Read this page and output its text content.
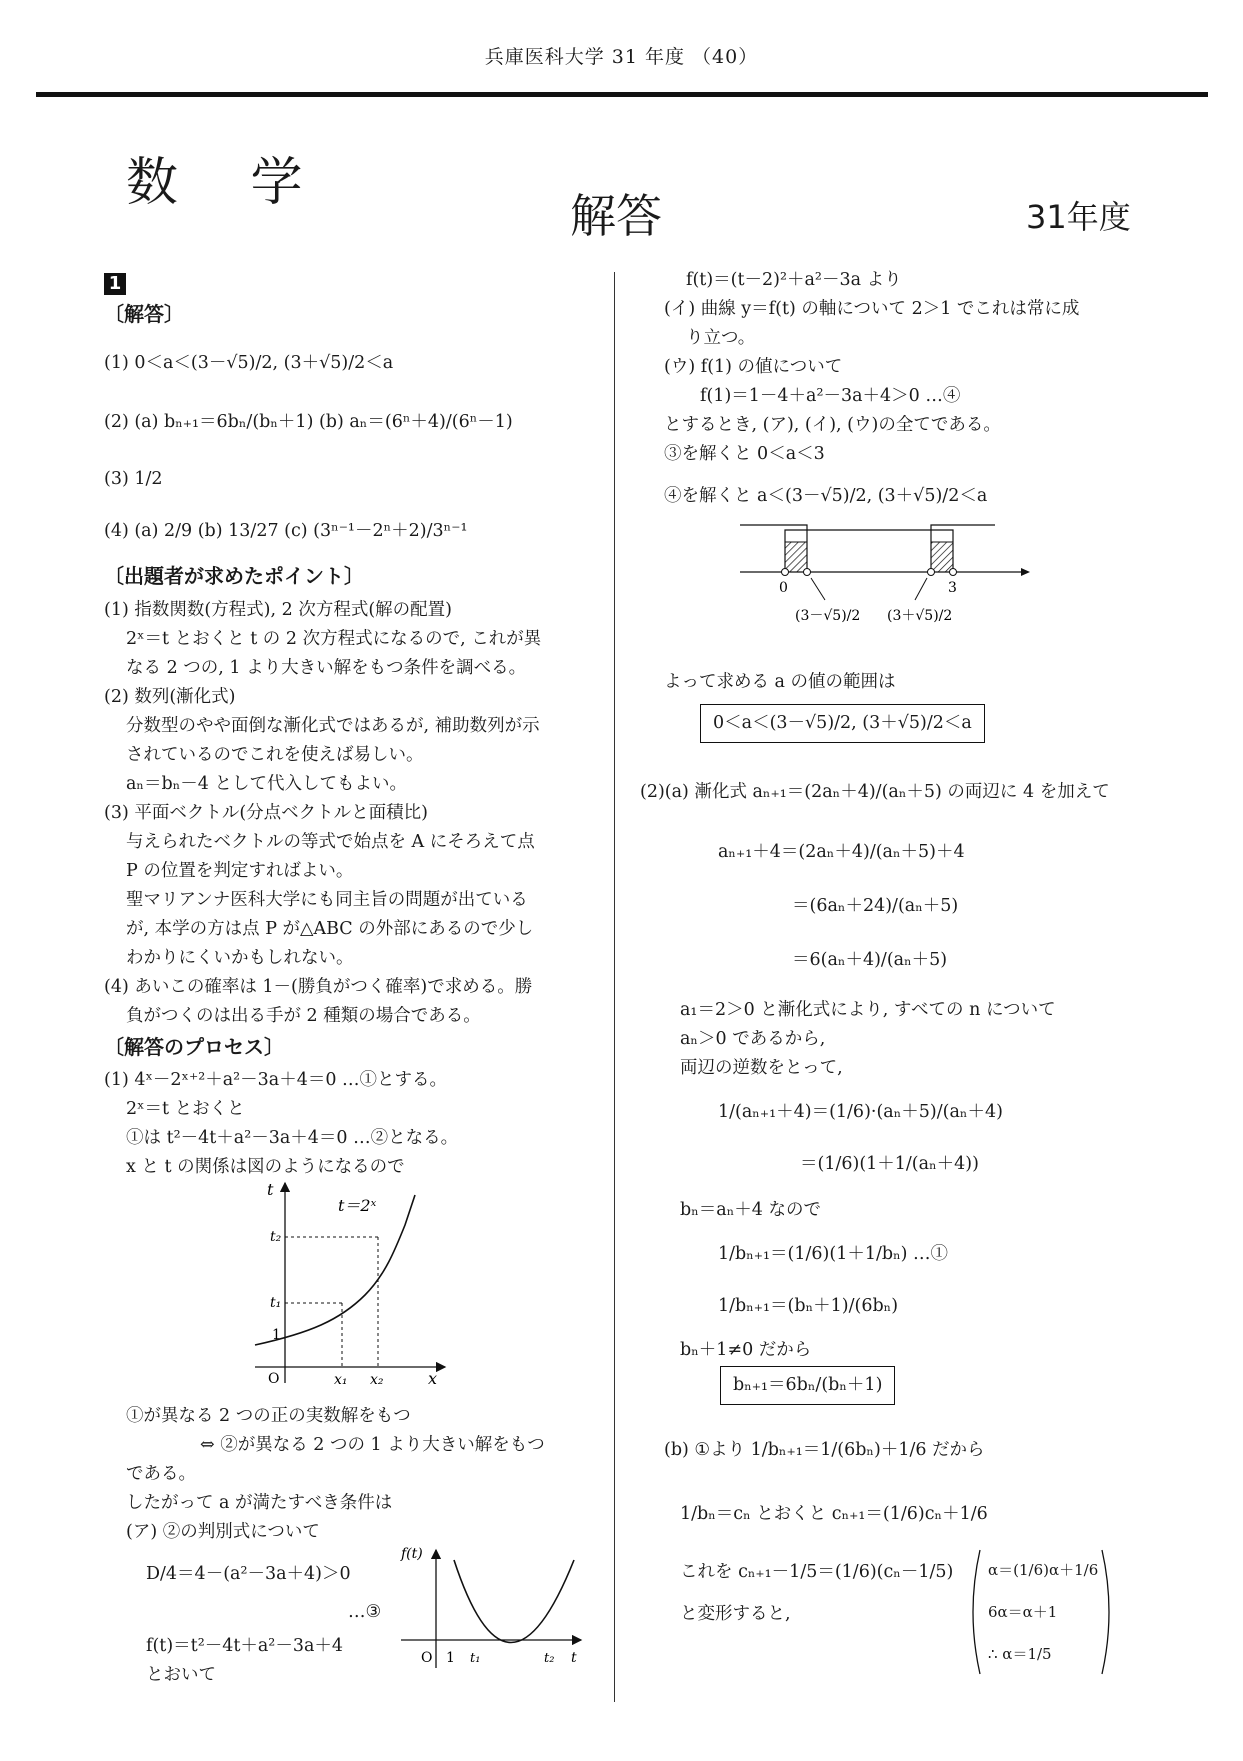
兵庫医科大学 31 年度 （40）
数 学
解答	31年度
1
〔解答〕
(1) 0＜a＜(3－√5)/2, (3＋√5)/2＜a
(2) (a) bₙ₊₁＝6bₙ/(bₙ＋1) (b) aₙ＝(6ⁿ＋4)/(6ⁿ－1)
(3) 1/2
(4) (a) 2/9 (b) 13/27 (c) (3ⁿ⁻¹－2ⁿ＋2)/3ⁿ⁻¹
〔出題者が求めたポイント〕
(1) 指数関数(方程式), 2 次方程式(解の配置)
2ˣ＝t とおくと t の 2 次方程式になるので, これが異
なる 2 つの, 1 より大きい解をもつ条件を調べる。
(2) 数列(漸化式)
分数型のやや面倒な漸化式ではあるが, 補助数列が示
されているのでこれを使えば易しい。
aₙ＝bₙ－4 として代入してもよい。
(3) 平面ベクトル(分点ベクトルと面積比)
与えられたベクトルの等式で始点を A にそろえて点
P の位置を判定すればよい。
聖マリアンナ医科大学にも同主旨の問題が出ている
が, 本学の方は点 P が△ABC の外部にあるので少し
わかりにくいかもしれない。
(4) あいこの確率は 1－(勝負がつく確率)で求める。勝
負がつくのは出る手が 2 種類の場合である。
〔解答のプロセス〕
(1) 4ˣ－2ˣ⁺²＋a²－3a＋4＝0 …①とする。
2ˣ＝t とおくと
①は t²－4t＋a²－3a＋4＝0 …②となる。
x と t の関係は図のようになるので
t＝2ˣ
t
t₂
t₁
1
O	x₁ x₂	x
①が異なる 2 つの正の実数解をもつ
⇔ ②が異なる 2 つの 1 より大きい解をもつ
である。
したがって a が満たすべき条件は
(ア) ②の判別式について
D/4＝4－(a²－3a＋4)＞0
…③
f(t)＝t²－4t＋a²－3a＋4
とおいて
f(t)
O 1 t₁	t₂ t
f(t)＝(t－2)²＋a²－3a より
(イ) 曲線 y＝f(t) の軸について 2＞1 でこれは常に成
り立つ。
(ウ) f(1) の値について
f(1)＝1－4＋a²－3a＋4＞0 …④
とするとき, (ア), (イ), (ウ)の全てである。
③を解くと 0＜a＜3
④を解くと a＜(3－√5)/2, (3＋√5)/2＜a
0	3
(3－√5)/2 (3＋√5)/2
よって求める a の値の範囲は
0＜a＜(3－√5)/2, (3＋√5)/2＜a
(2)(a) 漸化式 aₙ₊₁＝(2aₙ＋4)/(aₙ＋5) の両辺に 4 を加えて
aₙ₊₁＋4＝(2aₙ＋4)/(aₙ＋5)＋4
＝(6aₙ＋24)/(aₙ＋5)
＝6(aₙ＋4)/(aₙ＋5)
a₁＝2＞0 と漸化式により, すべての n について
aₙ＞0 であるから,
両辺の逆数をとって,
1/(aₙ₊₁＋4)＝(1/6)·(aₙ＋5)/(aₙ＋4)
＝(1/6)(1＋1/(aₙ＋4))
bₙ＝aₙ＋4 なので
1/bₙ₊₁＝(1/6)(1＋1/bₙ) …①
1/bₙ₊₁＝(bₙ＋1)/(6bₙ)
bₙ＋1≠0 だから
bₙ₊₁＝6bₙ/(bₙ＋1)
(b) ①より 1/bₙ₊₁＝1/(6bₙ)＋1/6 だから
1/bₙ＝cₙ とおくと cₙ₊₁＝(1/6)cₙ＋1/6
これを cₙ₊₁－1/5＝(1/6)(cₙ－1/5)
と変形すると,
α＝(1/6)α＋1/6
6α＝α＋1
∴ α＝1/5
